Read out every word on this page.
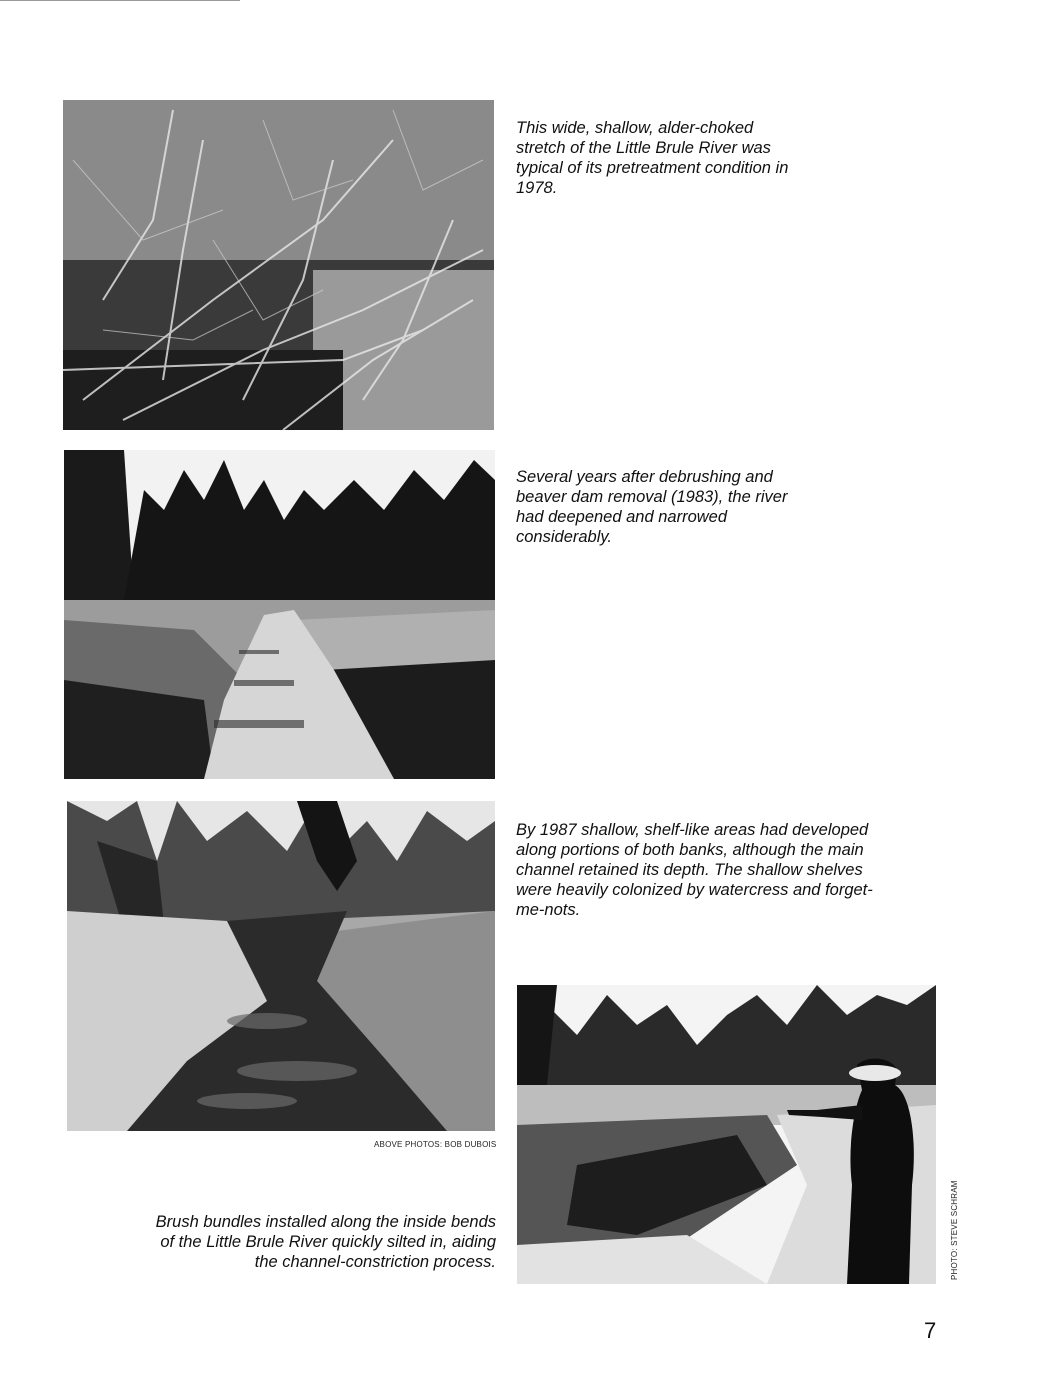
This wide, shallow, alder-choked stretch of the Little Brule River was typical of its pretreatment condition in 1978.

Several years after debrushing and beaver dam removal (1983), the river had deepened and narrowed considerably.

By 1987 shallow, shelf-like areas had developed along portions of both banks, although the main channel retained its depth. The shallow shelves were heavily colonized by watercress and forget-me-nots.

ABOVE PHOTOS: BOB DUBOIS

Brush bundles installed along the inside bends of the Little Brule River quickly silted in, aiding the channel-constriction process.	PHOTO: STEVE SCHRAM
7
